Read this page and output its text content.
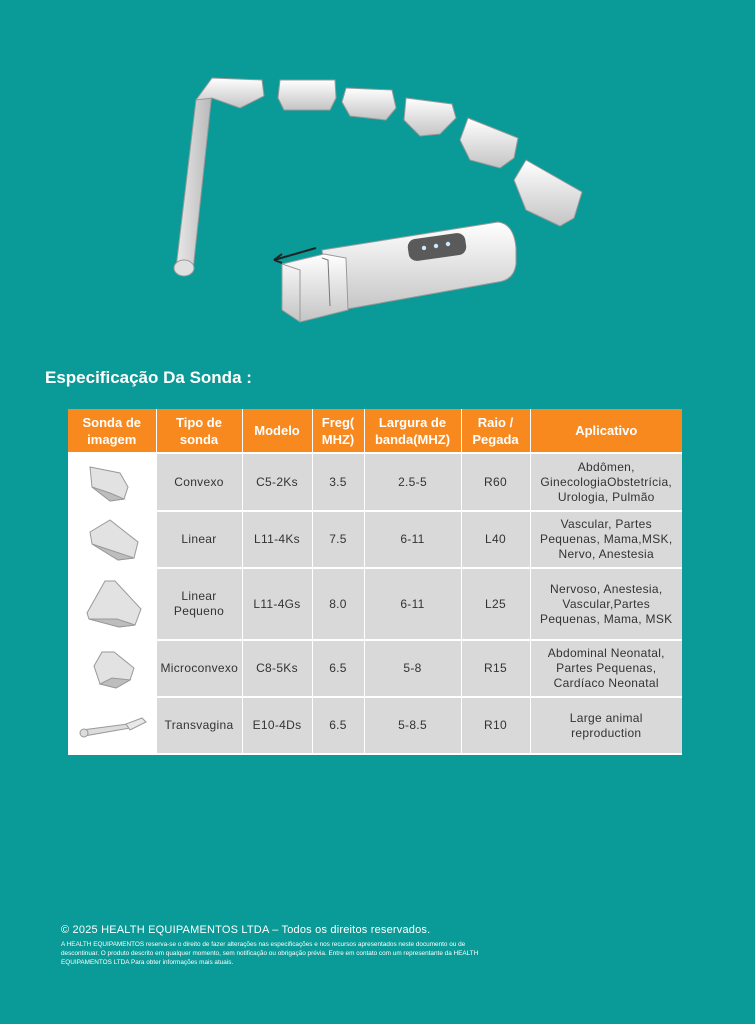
Especificação Da Sonda :
Sonda de imagem	Tipo de sonda	Modelo	Freg( MHZ)	Largura de banda(MHZ)	Raio / Pegada	Aplicativo

	Convexo	C5-2Ks	3.5	2.5-5	R60	Abdômen, GinecologiaObstetrícia, Urologia, Pulmão

	Linear	L11-4Ks	7.5	6-11	L40	Vascular, Partes Pequenas, Mama,MSK, Nervo, Anestesia

	Linear Pequeno	L11-4Gs	8.0	6-11	L25	Nervoso, Anestesia, Vascular,Partes Pequenas, Mama, MSK

	Microconvexo	C8-5Ks	6.5	5-8	R15	Abdominal Neonatal, Partes Pequenas, Cardíaco Neonatal

	Transvagina	E10-4Ds	6.5	5-8.5	R10	Large animal reproduction
© 2025 HEALTH EQUIPAMENTOS LTDA – Todos os direitos reservados.
A HEALTH EQUIPAMENTOS reserva-se o direito de fazer alterações nas especificações e nos recursos apresentados neste documento ou de descontinuar. O produto descrito em qualquer momento, sem notificação ou obrigação prévia. Entre em contato com um representante da HEALTH EQUIPAMENTOS LTDA Para obter informações mais atuais.
